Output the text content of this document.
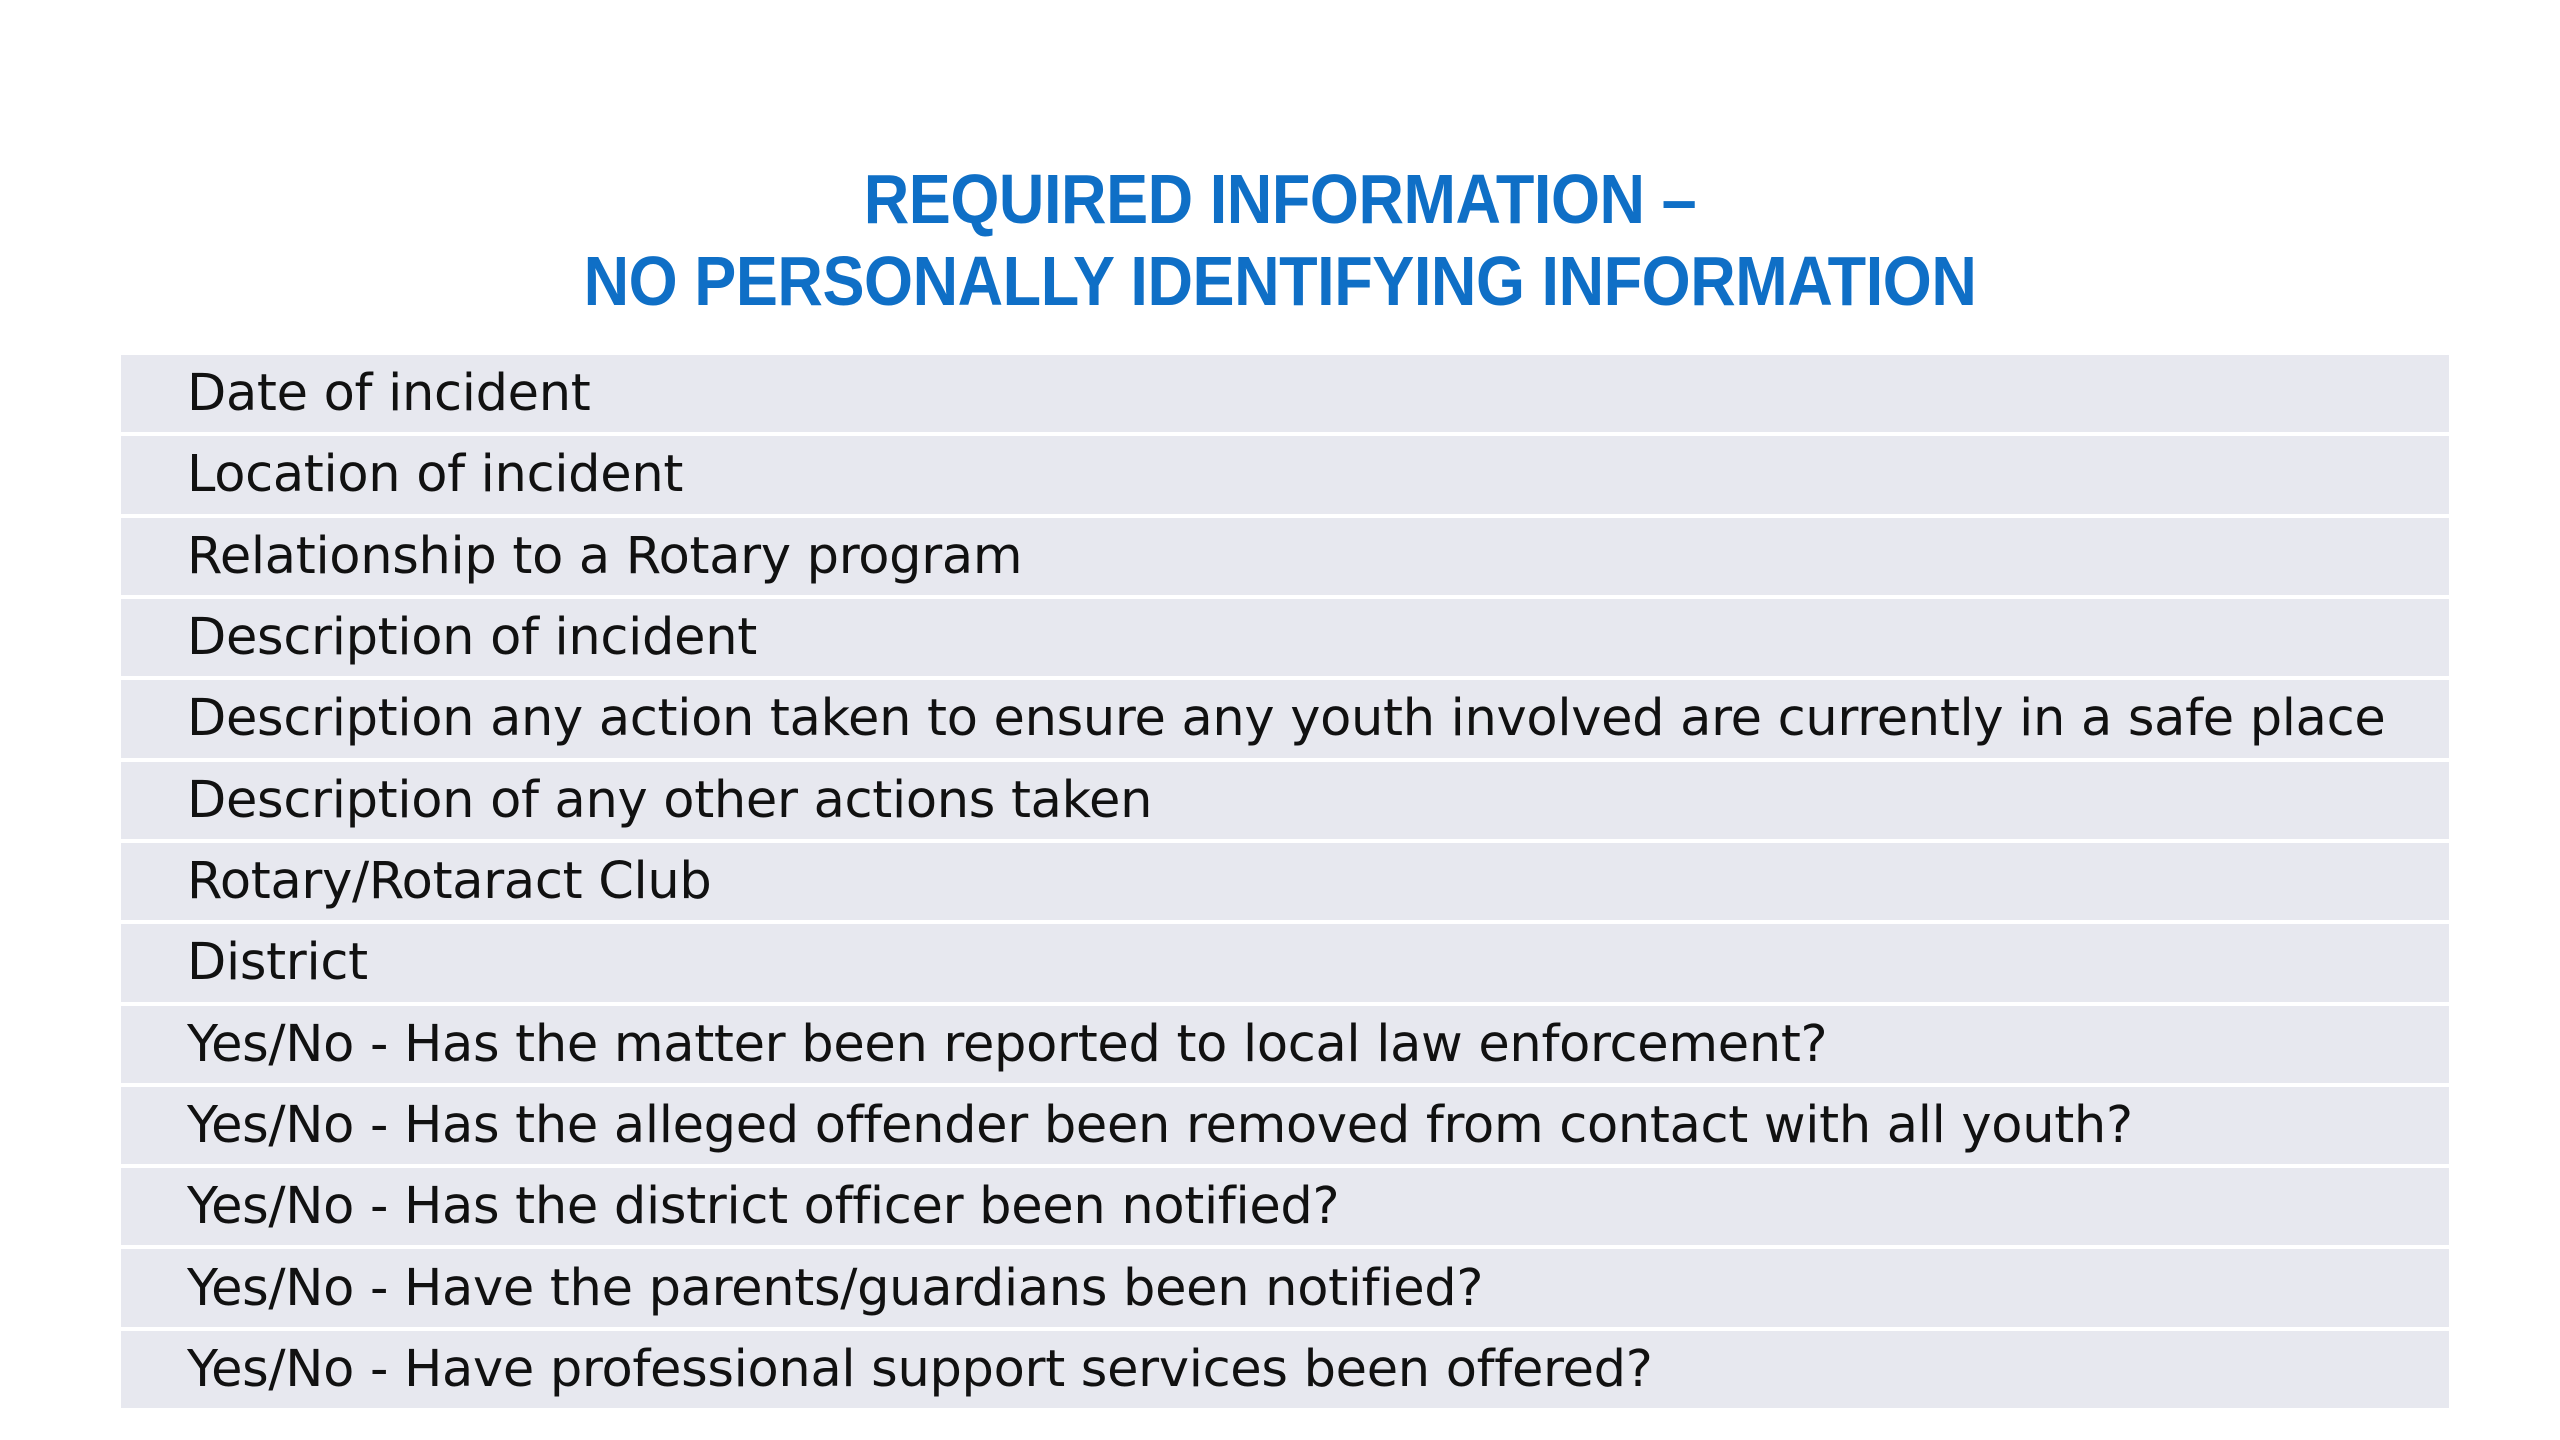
REQUIRED INFORMATION –
NO PERSONALLY IDENTIFYING INFORMATION
Date of incident
Location of incident
Relationship to a Rotary program
Description of incident
Description any action taken to ensure any youth involved are currently in a safe place
Description of any other actions taken
Rotary/Rotaract Club
District
Yes/No - Has the matter been reported to local law enforcement?
Yes/No - Has the alleged offender been removed from contact with all youth?
Yes/No - Has the district officer been notified?
Yes/No - Have the parents/guardians been notified?
Yes/No - Have professional support services been offered?
